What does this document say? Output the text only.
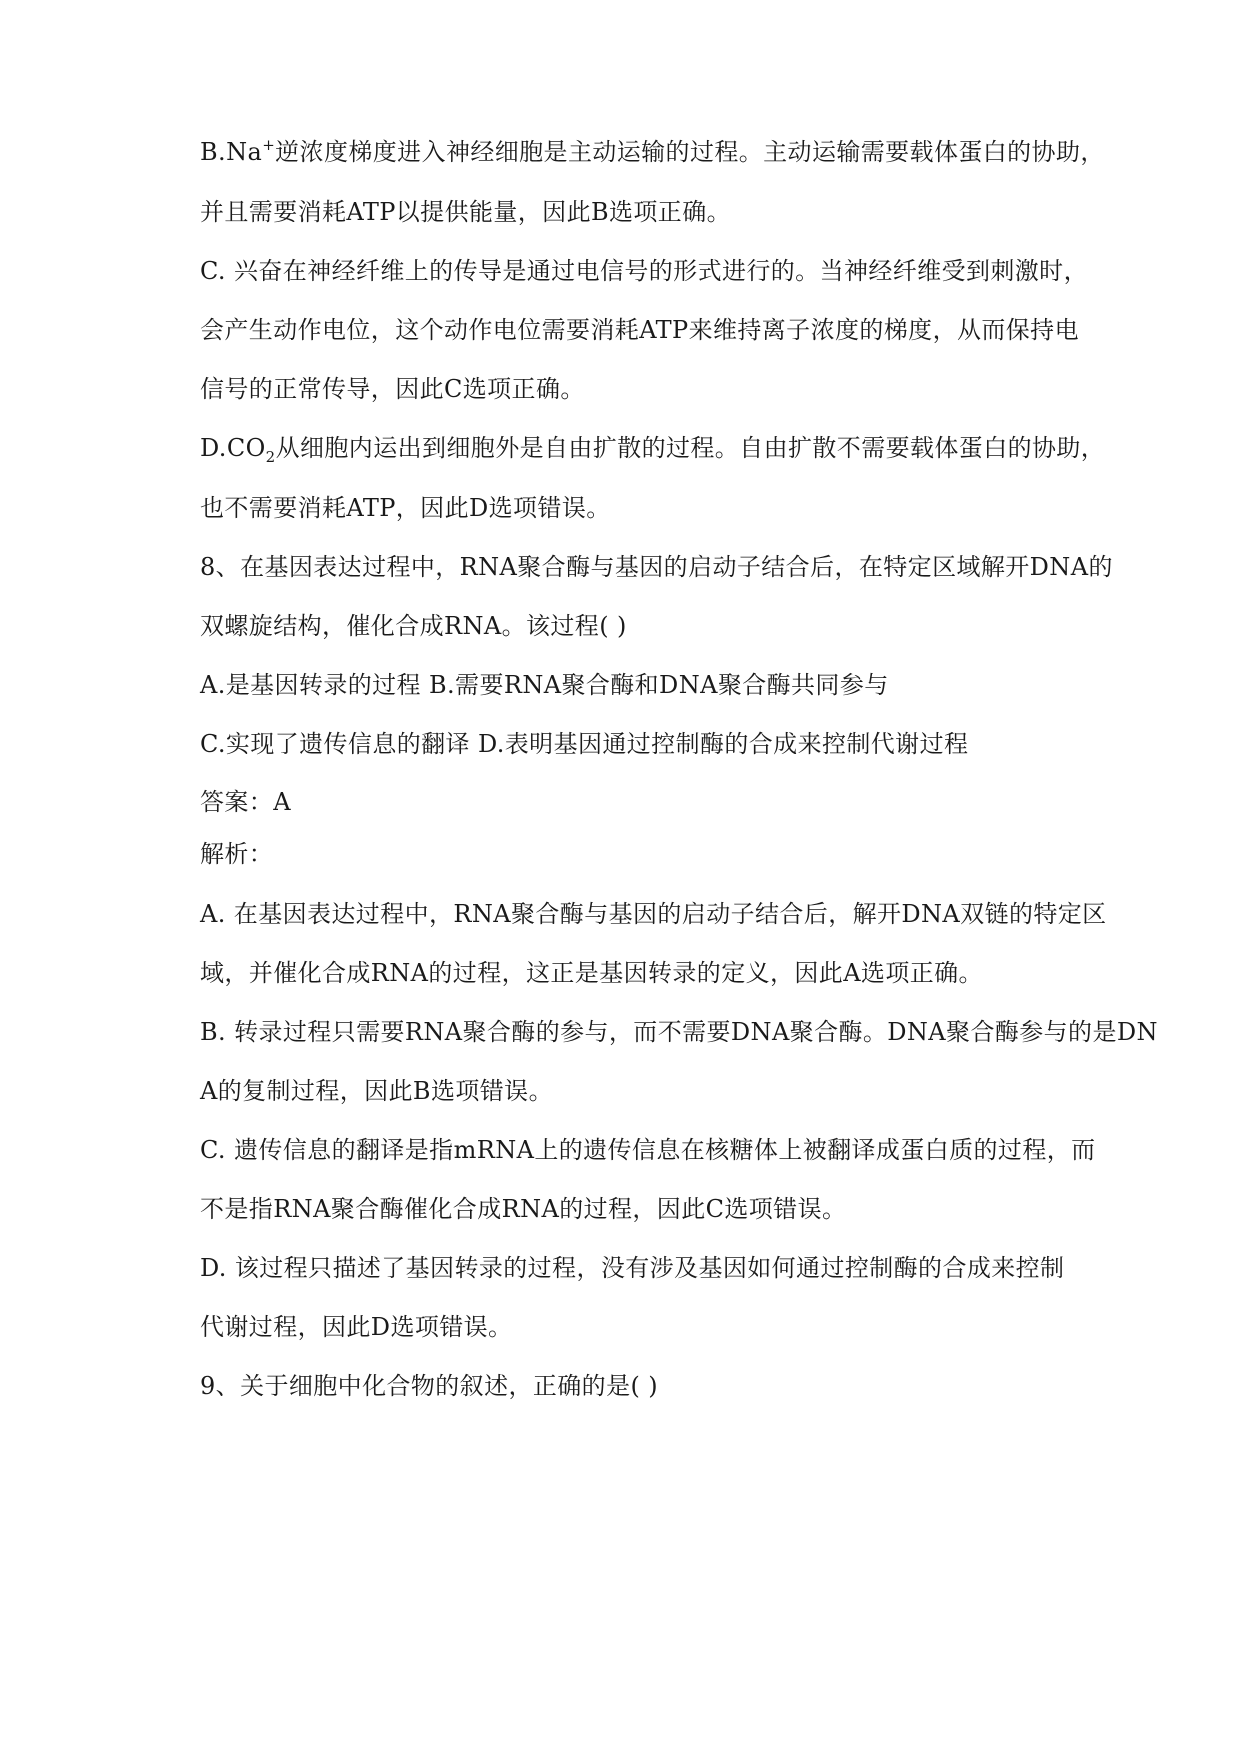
B.Na+逆浓度梯度进入神经细胞是主动运输的过程。主动运输需要载体蛋白的协助，
并且需要消耗ATP以提供能量，因此B选项正确。
C. 兴奋在神经纤维上的传导是通过电信号的形式进行的。当神经纤维受到刺激时，
会产生动作电位，这个动作电位需要消耗ATP来维持离子浓度的梯度，从而保持电
信号的正常传导，因此C选项正确。
$D.CO_2$从细胞内运出到细胞外是自由扩散的过程。自由扩散不需要载体蛋白的协助，
也不需要消耗ATP，因此D选项错误。
8、在基因表达过程中，RNA聚合酶与基因的启动子结合后，在特定区域解开DNA的
双螺旋结构，催化合成RNA。该过程( )
A.是基因转录的过程 B.需要RNA聚合酶和DNA聚合酶共同参与
C.实现了遗传信息的翻译 D.表明基因通过控制酶的合成来控制代谢过程
答案：A
解析：
A. 在基因表达过程中，RNA聚合酶与基因的启动子结合后，解开DNA双链的特定区
域，并催化合成RNA的过程，这正是基因转录的定义，因此A选项正确。
B. 转录过程只需要RNA聚合酶的参与，而不需要DNA聚合酶。DNA聚合酶参与的是DN
A的复制过程，因此B选项错误。
C. 遗传信息的翻译是指mRNA上的遗传信息在核糖体上被翻译成蛋白质的过程，而
不是指RNA聚合酶催化合成RNA的过程，因此C选项错误。
D. 该过程只描述了基因转录的过程，没有涉及基因如何通过控制酶的合成来控制
代谢过程，因此D选项错误。
9、关于细胞中化合物的叙述，正确的是( )
